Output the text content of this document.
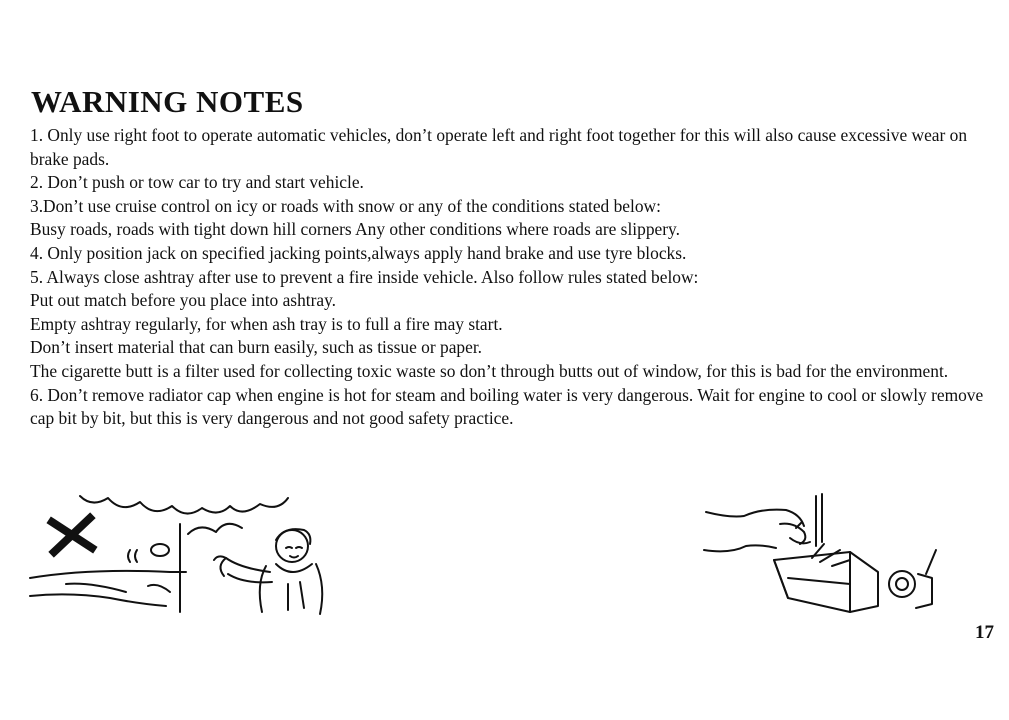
WARNING NOTES

1. Only use right foot to operate automatic vehicles, don’t operate left and right foot together for this will also cause excessive wear on brake pads.

2. Don’t push or tow car to try and start vehicle.

3.Don’t use cruise control on icy or roads with snow or any of the conditions stated below:

Busy roads, roads with tight down hill corners Any other conditions where roads are slippery.

4. Only position jack on specified jacking points,always apply hand brake and use tyre blocks.

5. Always close ashtray after use to prevent a fire inside vehicle. Also follow rules stated below:

Put out match before you place into ashtray.

Empty ashtray regularly, for when ash tray is to full a fire may start.

Don’t insert material that can burn easily, such as tissue or paper.

The cigarette butt is a filter used for collecting toxic waste so don’t through butts out of window, for this is bad for the environment.

6. Don’t remove radiator cap when engine is hot for steam and boiling water is very dangerous. Wait for engine to cool or slowly remove cap bit by bit, but this is very dangerous and not good safety practice.

17
